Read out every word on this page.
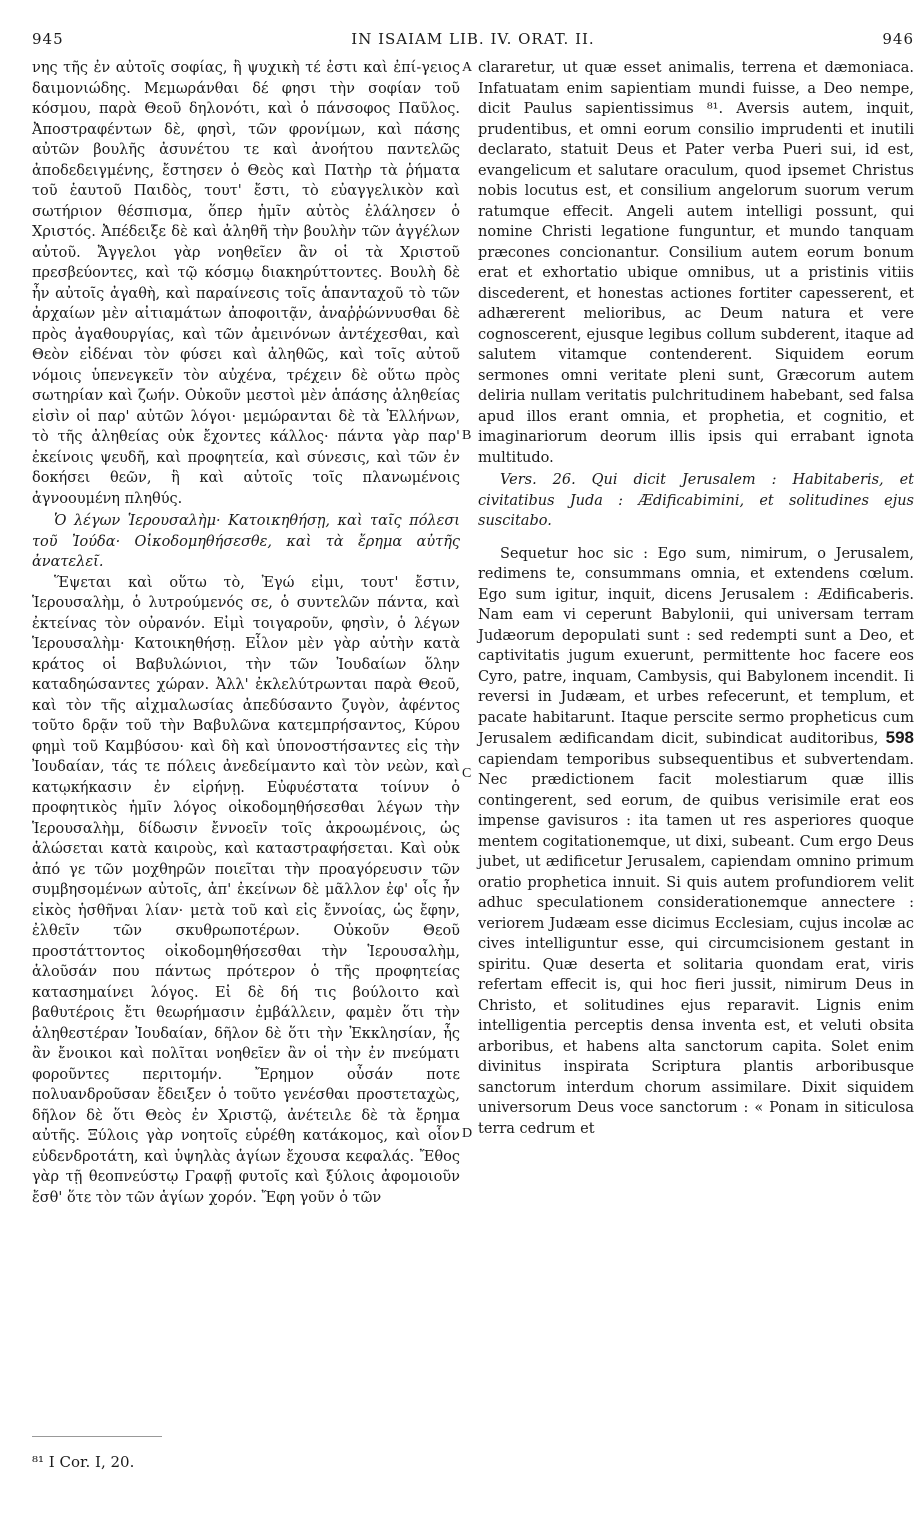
945	IN ISAIAM LIB. IV. ORAT. II.	946

νης τῆς ἐν αὐτοῖς σοφίας, ἢ ψυχικὴ τέ ἐστι καὶ ἐπί-γειος δαιμονιώδης. Μεμωράνθαι δέ φησι τὴν σοφίαν τοῦ κόσμου, παρὰ Θεοῦ δηλονότι, καὶ ὁ πάνσοφος Παῦλος. Ἀποστραφέντων δὲ, φησὶ, τῶν φρονίμων, καὶ πάσης αὐτῶν βουλῆς ἀσυνέτου τε καὶ ἀνοήτου παντελῶς ἀποδεδειγμένης, ἔστησεν ὁ Θεὸς καὶ Πατὴρ τὰ ῥήματα τοῦ ἑαυτοῦ Παιδὸς, τουτ' ἔστι, τὸ εὐαγγελικὸν καὶ σωτήριον θέσπισμα, ὅπερ ἡμῖν αὐτὸς ἐλάλησεν ὁ Χριστός. Ἀπέδειξε δὲ καὶ ἀληθῆ τὴν βουλὴν τῶν ἀγγέλων αὐτοῦ. Ἄγγελοι γὰρ νοηθεῖεν ἂν οἱ τὰ Χριστοῦ πρεσβεύοντες, καὶ τῷ κόσμῳ διακηρύττοντες. Βουλὴ δὲ ἦν αὐτοῖς ἀγαθὴ, καὶ παραίνεσις τοῖς ἁπανταχοῦ τὸ τῶν ἀρχαίων μὲν αἰτιαμάτων ἀποφοιτᾷν, ἀναῤῥώννυσθαι δὲ πρὸς ἀγαθουργίας, καὶ τῶν ἀμεινόνων ἀντέχεσθαι, καὶ Θεὸν εἰδέναι τὸν φύσει καὶ ἀληθῶς, καὶ τοῖς αὐτοῦ νόμοις ὑπενεγκεῖν τὸν αὐχένα, τρέχειν δὲ οὕτω πρὸς σωτηρίαν καὶ ζωήν. Οὐκοῦν μεστοὶ μὲν ἁπάσης ἀληθείας εἰσὶν οἱ παρ' αὐτῶν λόγοι· μεμώρανται δὲ τὰ Ἑλλήνων, τὸ τῆς ἀληθείας οὐκ ἔχοντες κάλλος· πάντα γὰρ παρ' ἐκείνοις ψευδῆ, καὶ προφητεία, καὶ σύνεσις, καὶ τῶν ἐν δοκήσει θεῶν, ἣ καὶ αὐτοῖς τοῖς πλανωμένοις ἀγνοουμένη πληθύς.

Ὁ λέγων Ἱερουσαλὴμ· Κατοικηθήσῃ, καὶ ταῖς πόλεσι τοῦ Ἰούδα· Οἰκοδομηθήσεσθε, καὶ τὰ ἔρημα αὐτῆς ἀνατελεῖ.

Ἕψεται καὶ οὕτω τὸ, Ἐγώ εἰμι, τουτ' ἔστιν, Ἱερουσαλὴμ, ὁ λυτρούμενός σε, ὁ συντελῶν πάντα, καὶ ἐκτείνας τὸν οὐρανόν. Εἰμὶ τοιγαροῦν, φησὶν, ὁ λέγων Ἱερουσαλὴμ· Κατοικηθήσῃ. Εἷλον μὲν γὰρ αὐτὴν κατὰ κράτος οἱ Βαβυλώνιοι, τὴν τῶν Ἰουδαίων ὅλην καταδηώσαντες χώραν. Ἀλλ' ἐκλελύτρωνται παρὰ Θεοῦ, καὶ τὸν τῆς αἰχμαλωσίας ἀπεδύσαντο ζυγὸν, ἀφέντος τοῦτο δρᾷν τοῦ τὴν Βαβυλῶνα κατεμπρήσαντος, Κύρου φημὶ τοῦ Καμβύσου· καὶ δὴ καὶ ὑπονοστήσαντες εἰς τὴν Ἰουδαίαν, τάς τε πόλεις ἀνεδείμαντο καὶ τὸν νεὼν, καὶ κατῳκήκασιν ἐν εἰρήνῃ. Εὐφυέστατα τοίνυν ὁ προφητικὸς ἡμῖν λόγος οἰκοδομηθήσεσθαι λέγων τὴν Ἱερουσαλὴμ, δίδωσιν ἔννοεῖν τοῖς ἀκροωμένοις, ὡς ἁλώσεται κατὰ καιροὺς, καὶ καταστραφήσεται. Καὶ οὐκ ἀπό γε τῶν μοχθηρῶν ποιεῖται τὴν προαγόρευσιν τῶν συμβησομένων αὐτοῖς, ἀπ' ἐκείνων δὲ μᾶλλον ἐφ' οἷς ἦν εἰκὸς ἡσθῆναι λίαν· μετὰ τοῦ καὶ εἰς ἔννοίας, ὡς ἔφην, ἐλθεῖν τῶν σκυθρωποτέρων. Οὐκοῦν Θεοῦ προστάττοντος οἰκοδομηθήσεσθαι τὴν Ἱερουσαλὴμ, ἁλοῦσάν που πάντως πρότερον ὁ τῆς προφητείας κατασημαίνει λόγος. Εἰ δὲ δή τις βούλοιτο καὶ βαθυτέροις ἔτι θεωρήμασιν ἐμβάλλειν, φαμὲν ὅτι τὴν ἀληθεστέραν Ἰουδαίαν, δῆλον δὲ ὅτι τὴν Ἐκκλησίαν, ἧς ἂν ἔνοικοι καὶ πολῖται νοηθεῖεν ἂν οἱ τὴν ἐν πνεύματι φοροῦντες περιτομήν. Ἔρημον οὖσάν ποτε πολυανδροῦσαν ἔδειξεν ὁ τοῦτο γενέσθαι προστεταχὼς, δῆλον δὲ ὅτι Θεὸς ἐν Χριστῷ, ἀνέτειλε δὲ τὰ ἔρημα αὐτῆς. Ξύλοις γὰρ νοητοῖς εὑρέθη κατάκομος, καὶ οἷον εὐδενδροτάτη, καὶ ὑψηλὰς ἁγίων ἔχουσα κεφαλάς. Ἔθος γὰρ τῇ θεοπνεύστῳ Γραφῇ φυτοῖς καὶ ξύλοις ἀφομοιοῦν ἔσθ' ὅτε τὸν τῶν ἁγίων χορόν. Ἔφη γοῦν ὁ τῶν

A
B
C
D

clararetur, ut quæ esset animalis, terrena et dæmoniaca. Infatuatam enim sapientiam mundi fuisse, a Deo nempe, dicit Paulus sapientissimus ⁸¹. Aversis autem, inquit, prudentibus, et omni eorum consilio imprudenti et inutili declarato, statuit Deus et Pater verba Pueri sui, id est, evangelicum et salutare oraculum, quod ipsemet Christus nobis locutus est, et consilium angelorum suorum verum ratumque effecit. Angeli autem intelligi possunt, qui nomine Christi legatione funguntur, et mundo tanquam præcones concionantur. Consilium autem eorum bonum erat et exhortatio ubique omnibus, ut a pristinis vitiis discederent, et honestas actiones fortiter capesserent, et adhærerent melioribus, ac Deum natura et vere cognoscerent, ejusque legibus collum subderent, itaque ad salutem vitamque contenderent. Siquidem eorum sermones omni veritate pleni sunt, Græcorum autem deliria nullam veritatis pulchritudinem habebant, sed falsa apud illos erant omnia, et prophetia, et cognitio, et imaginariorum deorum illis ipsis qui errabant ignota multitudo.

Vers. 26. Qui dicit Jerusalem : Habitaberis, et civitatibus Juda : Ædificabimini, et solitudines ejus suscitabo.

Sequetur hoc sic : Ego sum, nimirum, o Jerusalem, redimens te, consummans omnia, et extendens cœlum. Ego sum igitur, inquit, dicens Jerusalem : Ædificaberis. Nam eam vi ceperunt Babylonii, qui universam terram Judæorum depopulati sunt : sed redempti sunt a Deo, et captivitatis jugum exuerunt, permittente hoc facere eos Cyro, patre, inquam, Cambysis, qui Babylonem incendit. Ii reversi in Judæam, et urbes refecerunt, et templum, et pacate habitarunt. Itaque perscite sermo propheticus cum Jerusalem ædificandam dicit, subindicat auditoribus, 598 capiendam temporibus subsequentibus et subvertendam. Nec prædictionem facit molestiarum quæ illis contingerent, sed eorum, de quibus verisimile erat eos impense gavisuros : ita tamen ut res asperiores quoque mentem cogitationemque, ut dixi, subeant. Cum ergo Deus jubet, ut ædificetur Jerusalem, capiendam omnino primum oratio prophetica innuit. Si quis autem profundiorem velit adhuc speculationem considerationemque annectere : veriorem Judæam esse dicimus Ecclesiam, cujus incolæ ac cives intelliguntur esse, qui circumcisionem gestant in spiritu. Quæ deserta et solitaria quondam erat, viris refertam effecit is, qui hoc fieri jussit, nimirum Deus in Christo, et solitudines ejus reparavit. Lignis enim intelligentia perceptis densa inventa est, et veluti obsita arboribus, et habens alta sanctorum capita. Solet enim divinitus inspirata Scriptura plantis arboribusque sanctorum interdum chorum assimilare. Dixit siquidem universorum Deus voce sanctorum : « Ponam in siticulosa terra cedrum et

⁸¹ I Cor. I, 20.
